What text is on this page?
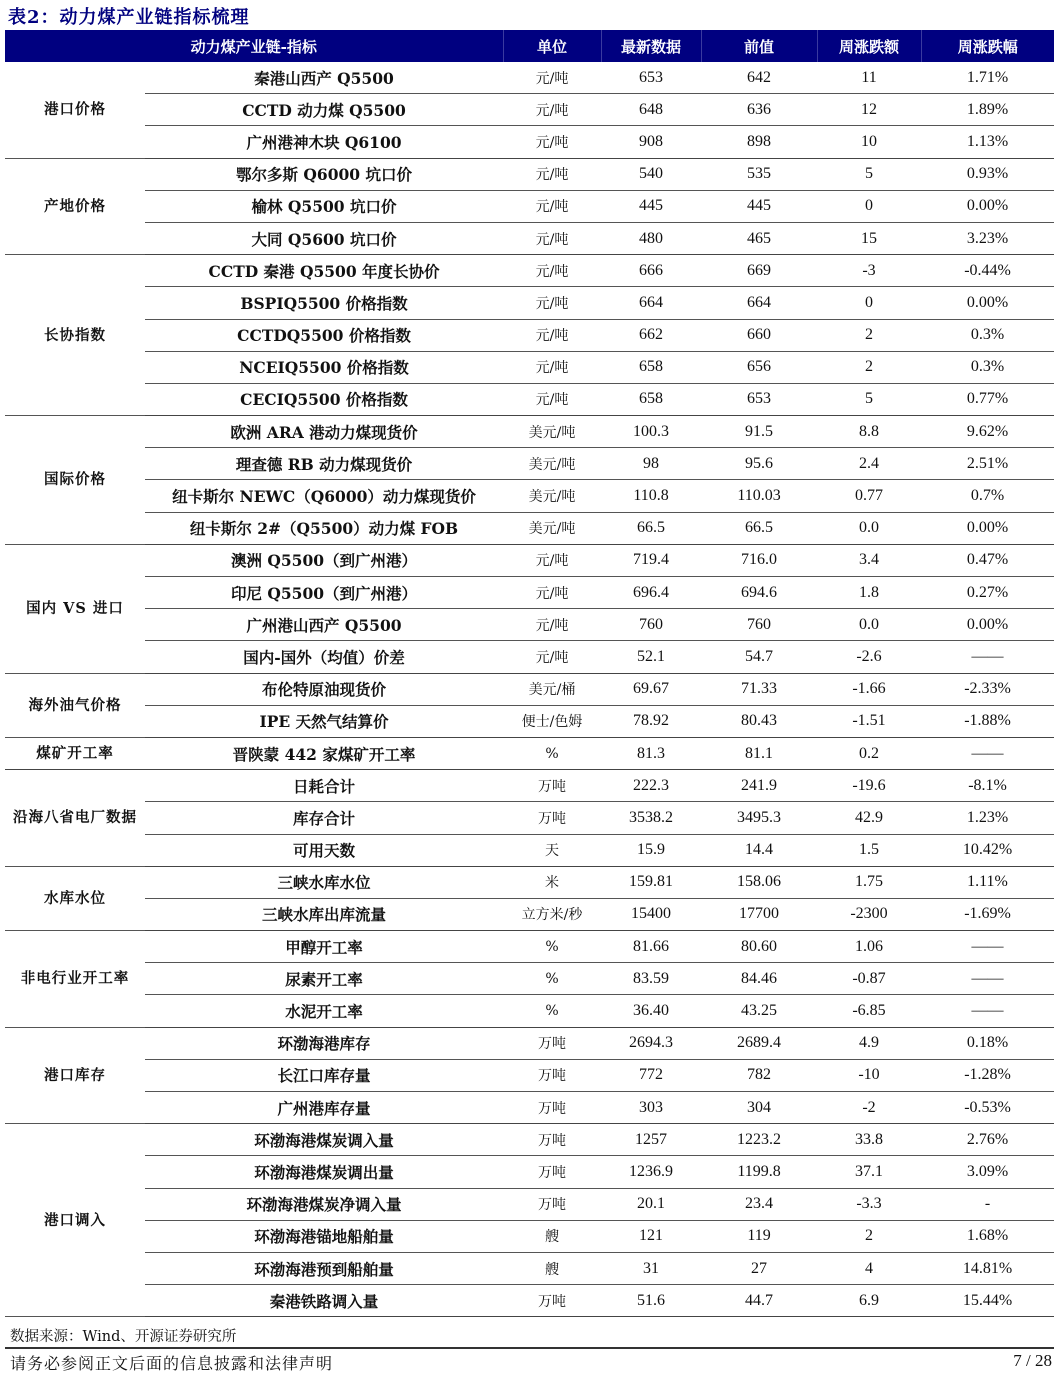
表2：动力煤产业链指标梳理
动力煤产业链-指标		单位	最新数据	前值	周涨跌额	周涨跌幅
港口价格	秦港山西产 Q5500	元/吨	653	642	11	1.71%
	CCTD 动力煤 Q5500	元/吨	648	636	12	1.89%
	广州港神木块 Q6100	元/吨	908	898	10	1.13%
产地价格	鄂尔多斯 Q6000 坑口价	元/吨	540	535	5	0.93%
	榆林 Q5500 坑口价	元/吨	445	445	0	0.00%
	大同 Q5600 坑口价	元/吨	480	465	15	3.23%
长协指数	CCTD 秦港 Q5500 年度长协价	元/吨	666	669	-3	-0.44%
	BSPIQ5500 价格指数	元/吨	664	664	0	0.00%
	CCTDQ5500 价格指数	元/吨	662	660	2	0.3%
	NCEIQ5500 价格指数	元/吨	658	656	2	0.3%
	CECIQ5500 价格指数	元/吨	658	653	5	0.77%
国际价格	欧洲 ARA 港动力煤现货价	美元/吨	100.3	91.5	8.8	9.62%
	理查德 RB 动力煤现货价	美元/吨	98	95.6	2.4	2.51%
	纽卡斯尔 NEWC（Q6000）动力煤现货价	美元/吨	110.8	110.03	0.77	0.7%
	纽卡斯尔 2#（Q5500）动力煤 FOB	美元/吨	66.5	66.5	0.0	0.00%
国内 VS 进口	澳洲 Q5500（到广州港）	元/吨	719.4	716.0	3.4	0.47%
	印尼 Q5500（到广州港）	元/吨	696.4	694.6	1.8	0.27%
	广州港山西产 Q5500	元/吨	760	760	0.0	0.00%
	国内-国外（均值）价差	元/吨	52.1	54.7	-2.6	——
海外油气价格	布伦特原油现货价	美元/桶	69.67	71.33	-1.66	-2.33%
	IPE 天然气结算价	便士/色姆	78.92	80.43	-1.51	-1.88%
煤矿开工率	晋陕蒙 442 家煤矿开工率	%	81.3	81.1	0.2	——
沿海八省电厂数据	日耗合计	万吨	222.3	241.9	-19.6	-8.1%
	库存合计	万吨	3538.2	3495.3	42.9	1.23%
	可用天数	天	15.9	14.4	1.5	10.42%
水库水位	三峡水库水位	米	159.81	158.06	1.75	1.11%
	三峡水库出库流量	立方米/秒	15400	17700	-2300	-1.69%
非电行业开工率	甲醇开工率	%	81.66	80.60	1.06	——
	尿素开工率	%	83.59	84.46	-0.87	——
	水泥开工率	%	36.40	43.25	-6.85	——
港口库存	环渤海港库存	万吨	2694.3	2689.4	4.9	0.18%
	长江口库存量	万吨	772	782	-10	-1.28%
	广州港库存量	万吨	303	304	-2	-0.53%
港口调入	环渤海港煤炭调入量	万吨	1257	1223.2	33.8	2.76%
	环渤海港煤炭调出量	万吨	1236.9	1199.8	37.1	3.09%
	环渤海港煤炭净调入量	万吨	20.1	23.4	-3.3	-
	环渤海港锚地船舶量	艘	121	119	2	1.68%
	环渤海港预到船舶量	艘	31	27	4	14.81%
	秦港铁路调入量	万吨	51.6	44.7	6.9	15.44%
数据来源：Wind、开源证券研究所
请务必参阅正文后面的信息披露和法律声明	7 / 28
